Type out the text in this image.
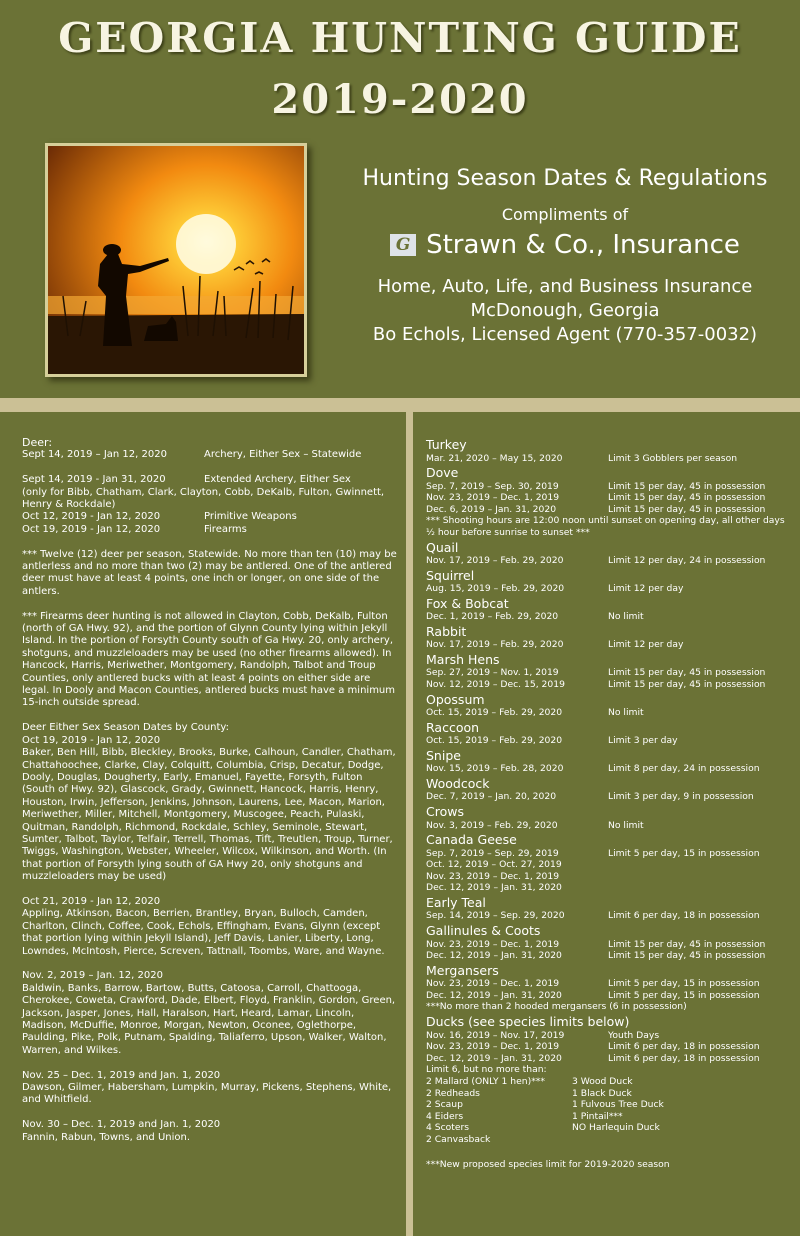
GEORGIA HUNTING GUIDE
2019-2020
Hunting Season Dates & Regulations
Compliments of
G Strawn & Co., Insurance
Home, Auto, Life, and Business Insurance
McDonough, Georgia
Bo Echols, Licensed Agent (770-357-0032)

Deer:

Sept 14, 2019 – Jan 12, 2020	Archery, Either Sex – Statewide
Sept 14, 2019 - Jan 31, 2020	Extended Archery, Either Sex

(only for Bibb, Chatham, Clark, Clayton, Cobb, DeKalb, Fulton, Gwinnett, Henry & Rockdale)

Oct 12, 2019 - Jan 12, 2020	Primitive Weapons
Oct 19, 2019 - Jan 12, 2020	Firearms

*** Twelve (12) deer per season, Statewide. No more than ten (10) may be antlerless and no more than two (2) may be antlered. One of the antlered deer must have at least 4 points, one inch or longer, on one side of the antlers.

*** Firearms deer hunting is not allowed in Clayton, Cobb, DeKalb, Fulton (north of GA Hwy. 92), and the portion of Glynn County lying within Jekyll Island. In the portion of Forsyth County south of Ga Hwy. 20, only archery, shotguns, and muzzleloaders may be used (no other firearms allowed). In Hancock, Harris, Meriwether, Montgomery, Randolph, Talbot and Troup Counties, only antlered bucks with at least 4 points on either side are legal. In Dooly and Macon Counties, antlered bucks must have a minimum 15-inch outside spread.

Deer Either Sex Season Dates by County:

Oct 19, 2019 - Jan 12, 2020

Baker, Ben Hill, Bibb, Bleckley, Brooks, Burke, Calhoun, Candler, Chatham, Chattahoochee, Clarke, Clay, Colquitt, Columbia, Crisp, Decatur, Dodge, Dooly, Douglas, Dougherty, Early, Emanuel, Fayette, Forsyth, Fulton (South of Hwy. 92), Glascock, Grady, Gwinnett, Hancock, Harris, Henry, Houston, Irwin, Jefferson, Jenkins, Johnson, Laurens, Lee, Macon, Marion, Meriwether, Miller, Mitchell, Montgomery, Muscogee, Peach, Pulaski, Quitman, Randolph, Richmond, Rockdale, Schley, Seminole, Stewart, Sumter, Talbot, Taylor, Telfair, Terrell, Thomas, Tift, Treutlen, Troup, Turner, Twiggs, Washington, Webster, Wheeler, Wilcox, Wilkinson, and Worth. (In that portion of Forsyth lying south of GA Hwy 20, only shotguns and muzzleloaders may be used)

Oct 21, 2019 - Jan 12, 2020

Appling, Atkinson, Bacon, Berrien, Brantley, Bryan, Bulloch, Camden, Charlton, Clinch, Coffee, Cook, Echols, Effingham, Evans, Glynn (except that portion lying within Jekyll Island), Jeff Davis, Lanier, Liberty, Long, Lowndes, McIntosh, Pierce, Screven, Tattnall, Toombs, Ware, and Wayne.

Nov. 2, 2019 – Jan. 12, 2020

Baldwin, Banks, Barrow, Bartow, Butts, Catoosa, Carroll, Chattooga, Cherokee, Coweta, Crawford, Dade, Elbert, Floyd, Franklin, Gordon, Green, Jackson, Jasper, Jones, Hall, Haralson, Hart, Heard, Lamar, Lincoln, Madison, McDuffie, Monroe, Morgan, Newton, Oconee, Oglethorpe, Paulding, Pike, Polk, Putnam, Spalding, Taliaferro, Upson, Walker, Walton, Warren, and Wilkes.

Nov. 25 – Dec. 1, 2019 and Jan. 1, 2020

Dawson, Gilmer, Habersham, Lumpkin, Murray, Pickens, Stephens, White, and Whitfield.

Nov. 30 – Dec. 1, 2019 and Jan. 1, 2020

Fannin, Rabun, Towns, and Union.

Turkey
Mar. 21, 2020 – May 15, 2020	Limit 3 Gobblers per season
Dove
Sep. 7, 2019 – Sep. 30, 2019	Limit 15 per day, 45 in possession
Nov. 23, 2019 – Dec. 1, 2019	Limit 15 per day, 45 in possession
Dec. 6, 2019 – Jan. 31, 2020	Limit 15 per day, 45 in possession
*** Shooting hours are 12:00 noon until sunset on opening day, all other days ½ hour before sunrise to sunset ***
Quail
Nov. 17, 2019 – Feb. 29, 2020	Limit 12 per day, 24 in possession
Squirrel
Aug. 15, 2019 – Feb. 29, 2020	Limit 12 per day
Fox & Bobcat
Dec. 1, 2019 – Feb. 29, 2020	No limit
Rabbit
Nov. 17, 2019 – Feb. 29, 2020	Limit 12 per day
Marsh Hens
Sep. 27, 2019 – Nov. 1, 2019	Limit 15 per day, 45 in possession
Nov. 12, 2019 – Dec. 15, 2019	Limit 15 per day, 45 in possession
Opossum
Oct. 15, 2019 – Feb. 29, 2020	No limit
Raccoon
Oct. 15, 2019 – Feb. 29, 2020	Limit 3 per day
Snipe
Nov. 15, 2019 – Feb. 28, 2020	Limit 8 per day, 24 in possession
Woodcock
Dec. 7, 2019 – Jan. 20, 2020	Limit 3 per day, 9 in possession
Crows
Nov. 3, 2019 – Feb. 29, 2020	No limit
Canada Geese
Sep. 7, 2019 – Sep. 29, 2019	Limit 5 per day, 15 in possession
Oct. 12, 2019 – Oct. 27, 2019
Nov. 23, 2019 – Dec. 1, 2019
Dec. 12, 2019 – Jan. 31, 2020
Early Teal
Sep. 14, 2019 – Sep. 29, 2020	Limit 6 per day, 18 in possession
Gallinules & Coots
Nov. 23, 2019 – Dec. 1, 2019	Limit 15 per day, 45 in possession
Dec. 12, 2019 – Jan. 31, 2020	Limit 15 per day, 45 in possession
Mergansers
Nov. 23, 2019 – Dec. 1, 2019	Limit 5 per day, 15 in possession
Dec. 12, 2019 – Jan. 31, 2020	Limit 5 per day, 15 in possession
***No more than 2 hooded mergansers (6 in possession)
Ducks (see species limits below)
Nov. 16, 2019 – Nov. 17, 2019	Youth Days
Nov. 23, 2019 – Dec. 1, 2019	Limit 6 per day, 18 in possession
Dec. 12, 2019 – Jan. 31, 2020	Limit 6 per day, 18 in possession
Limit 6, but no more than:
2 Mallard (ONLY 1 hen)***	3 Wood Duck
2 Redheads	1 Black Duck
2 Scaup	1 Fulvous Tree Duck
4 Eiders	1 Pintail***
4 Scoters	NO Harlequin Duck
2 Canvasback
***New proposed species limit for 2019-2020 season
